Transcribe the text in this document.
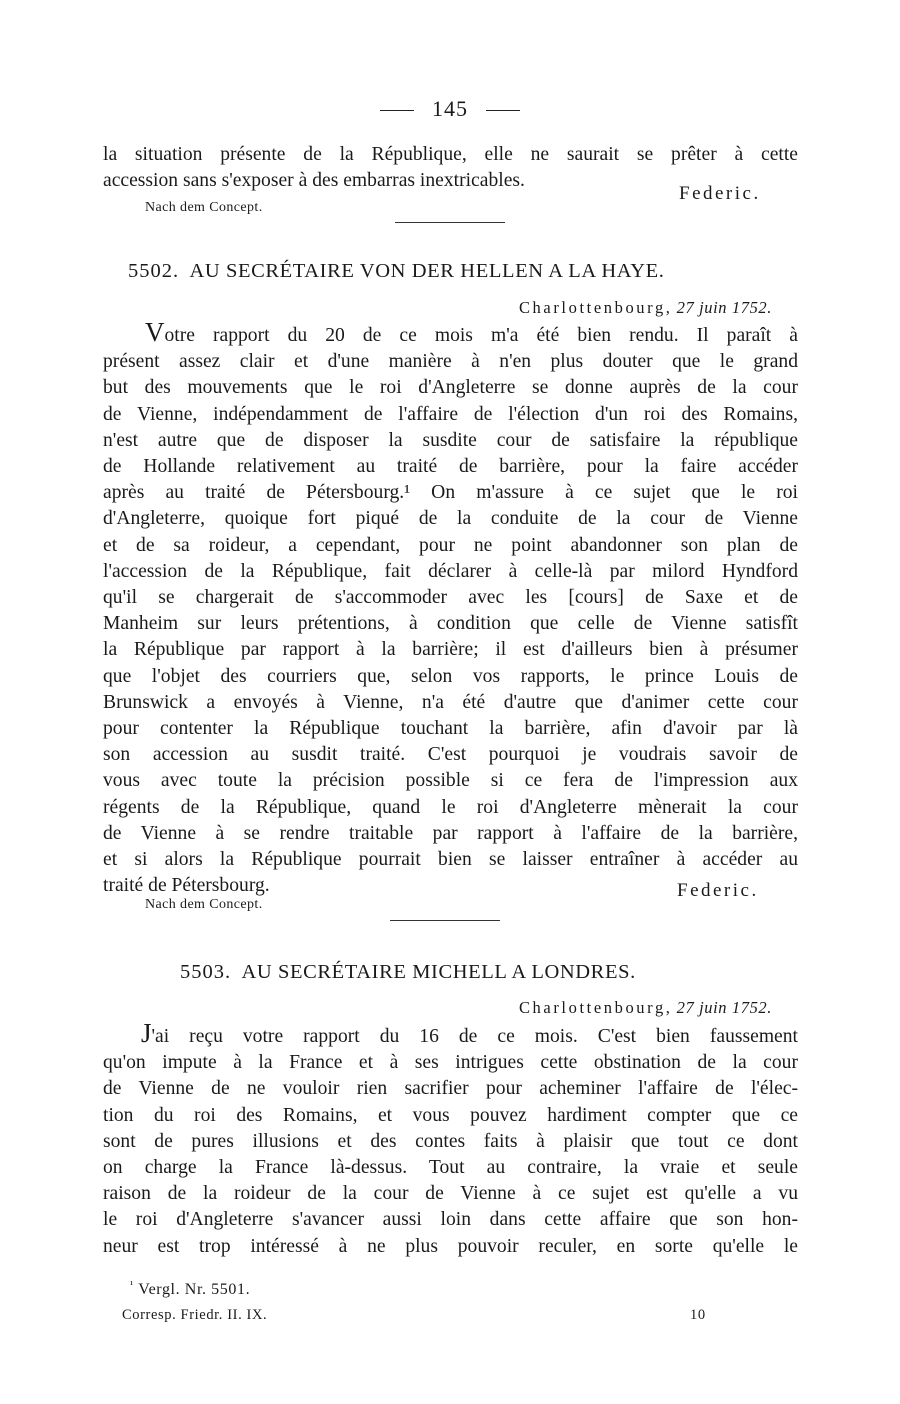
145
la situation présente de la République, elle ne saurait se prêter à cette
accession sans s'exposer à des embarras inextricables.
Federic.
Nach dem Concept.
5502. AU SECRÉTAIRE VON DER HELLEN A LA HAYE.
Charlottenbourg, 27 juin 1752.
Votre rapport du 20 de ce mois m'a été bien rendu. Il paraît à
présent assez clair et d'une manière à n'en plus douter que le grand
but des mouvements que le roi d'Angleterre se donne auprès de la cour
de Vienne, indépendamment de l'affaire de l'élection d'un roi des Romains,
n'est autre que de disposer la susdite cour de satisfaire la république
de Hollande relativement au traité de barrière, pour la faire accéder
après au traité de Pétersbourg.¹ On m'assure à ce sujet que le roi
d'Angleterre, quoique fort piqué de la conduite de la cour de Vienne
et de sa roideur, a cependant, pour ne point abandonner son plan de
l'accession de la République, fait déclarer à celle-là par milord Hyndford
qu'il se chargerait de s'accommoder avec les [cours] de Saxe et de
Manheim sur leurs prétentions, à condition que celle de Vienne satisfît
la République par rapport à la barrière; il est d'ailleurs bien à présumer
que l'objet des courriers que, selon vos rapports, le prince Louis de
Brunswick a envoyés à Vienne, n'a été d'autre que d'animer cette cour
pour contenter la République touchant la barrière, afin d'avoir par là
son accession au susdit traité. C'est pourquoi je voudrais savoir de
vous avec toute la précision possible si ce fera de l'impression aux
régents de la République, quand le roi d'Angleterre mènerait la cour
de Vienne à se rendre traitable par rapport à l'affaire de la barrière,
et si alors la République pourrait bien se laisser entraîner à accéder au
traité de Pétersbourg.	Federic.
Nach dem Concept.
5503. AU SECRÉTAIRE MICHELL A LONDRES.
Charlottenbourg, 27 juin 1752.
J'ai reçu votre rapport du 16 de ce mois. C'est bien faussement
qu'on impute à la France et à ses intrigues cette obstination de la cour
de Vienne de ne vouloir rien sacrifier pour acheminer l'affaire de l'élec-
tion du roi des Romains, et vous pouvez hardiment compter que ce
sont de pures illusions et des contes faits à plaisir que tout ce dont
on charge la France là-dessus. Tout au contraire, la vraie et seule
raison de la roideur de la cour de Vienne à ce sujet est qu'elle a vu
le roi d'Angleterre s'avancer aussi loin dans cette affaire que son hon-
neur est trop intéressé à ne plus pouvoir reculer, en sorte qu'elle le
$^{^1}$ Vergl. Nr. 5501.
Corresp. Friedr. II. IX.	10
